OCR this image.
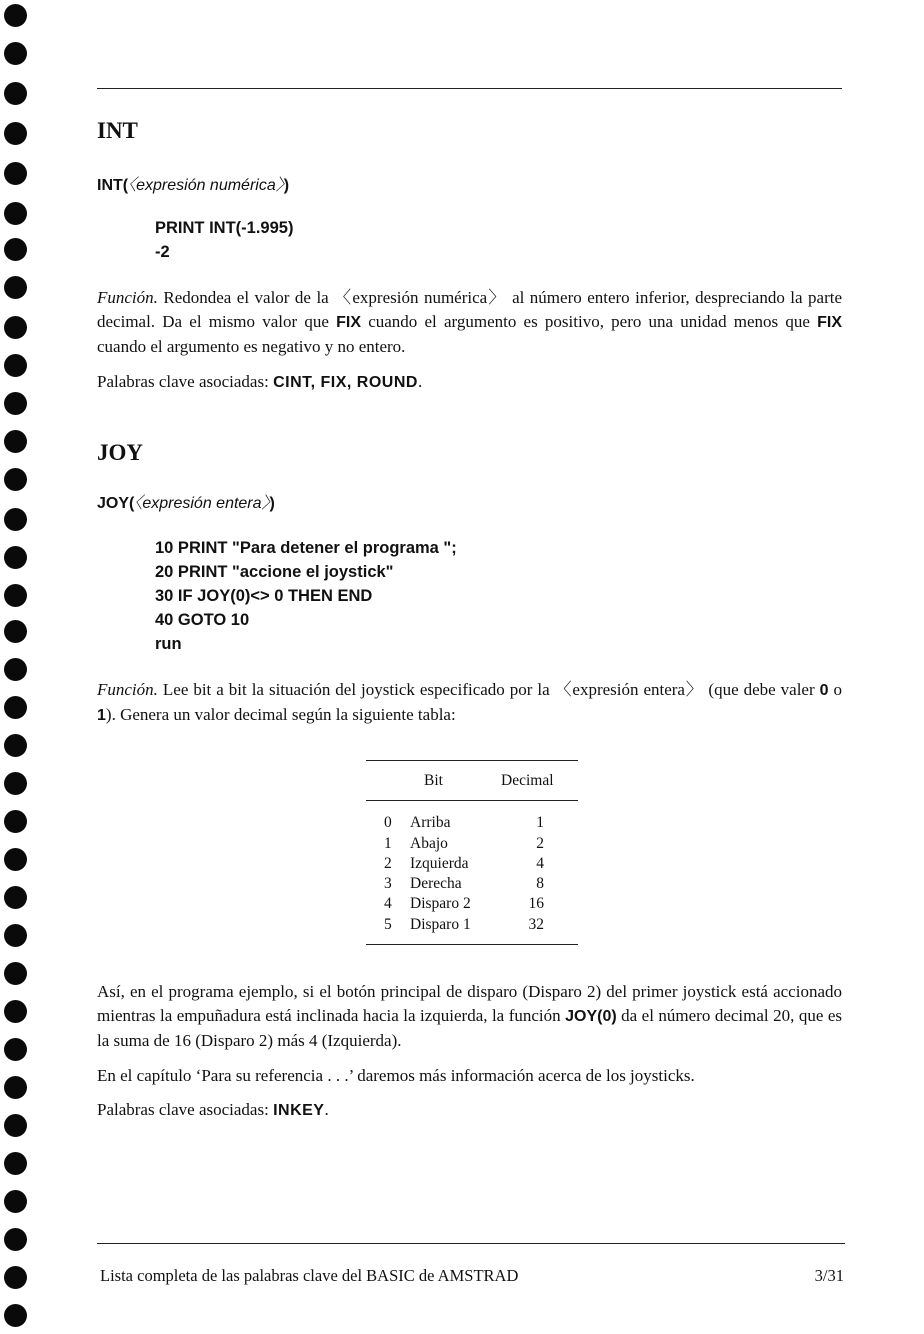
INT
INT(〈expresión numérica〉)
PRINT INT(-1.995)
-2
Función. Redondea el valor de la 〈expresión numérica〉 al número entero inferior, despreciando la parte decimal. Da el mismo valor que FIX cuando el argumento es positivo, pero una unidad menos que FIX cuando el argumento es negativo y no entero.
Palabras clave asociadas: CINT, FIX, ROUND.
JOY
JOY(〈expresión entera〉)
10 PRINT "Para detener el programa ";
20 PRINT "accione el joystick"
30 IF JOY(0)<> 0 THEN END
40 GOTO 10
run
Función. Lee bit a bit la situación del joystick especificado por la 〈expresión entera〉 (que debe valer 0 o 1). Genera un valor decimal según la siguiente tabla:
Bit	Decimal
0 Arriba	1
1 Abajo	2
2 Izquierda	4
3 Derecha	8
4 Disparo 2	16
5 Disparo 1	32
Así, en el programa ejemplo, si el botón principal de disparo (Disparo 2) del primer joystick está accionado mientras la empuñadura está inclinada hacia la izquierda, la función JOY(0) da el número decimal 20, que es la suma de 16 (Disparo 2) más 4 (Izquierda).
En el capítulo ‘Para su referencia . . .’ daremos más información acerca de los joysticks.
Palabras clave asociadas: INKEY.
Lista completa de las palabras clave del BASIC de AMSTRAD	3/31
